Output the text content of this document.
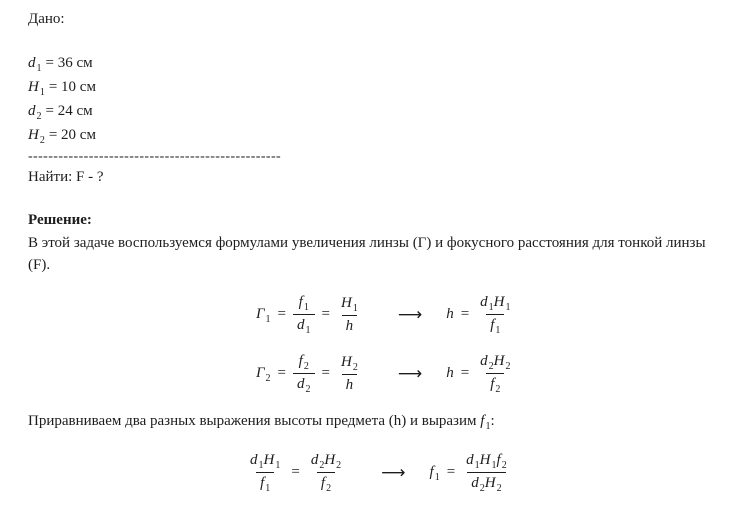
Дано:
$d_1 = 36$ см
$H_1 = 10$ см
$d_2 = 24$ см
$H_2 = 20$ см
--------------------------------------------------
Найти: F - ?
Решение:
В этой задаче воспользуемся формулами увеличения линзы (Г) и фокусного расстояния для тонкой линзы (F).
$\Gamma_1 = \frac{f_1}{d_1} = \frac{H_1}{h}$ ⟶ $h = \frac{d_1H_1}{f_1}$
$\Gamma_2 = \frac{f_2}{d_2} = \frac{H_2}{h}$ ⟶ $h = \frac{d_2H_2}{f_2}$
Приравниваем два разных выражения высоты предмета (h) и выразим $f_1$:
$\frac{d_1H_1}{f_1} = \frac{d_2H_2}{f_2}$ ⟶ $f_1 = \frac{d_1H_1f_2}{d_2H_2}$
